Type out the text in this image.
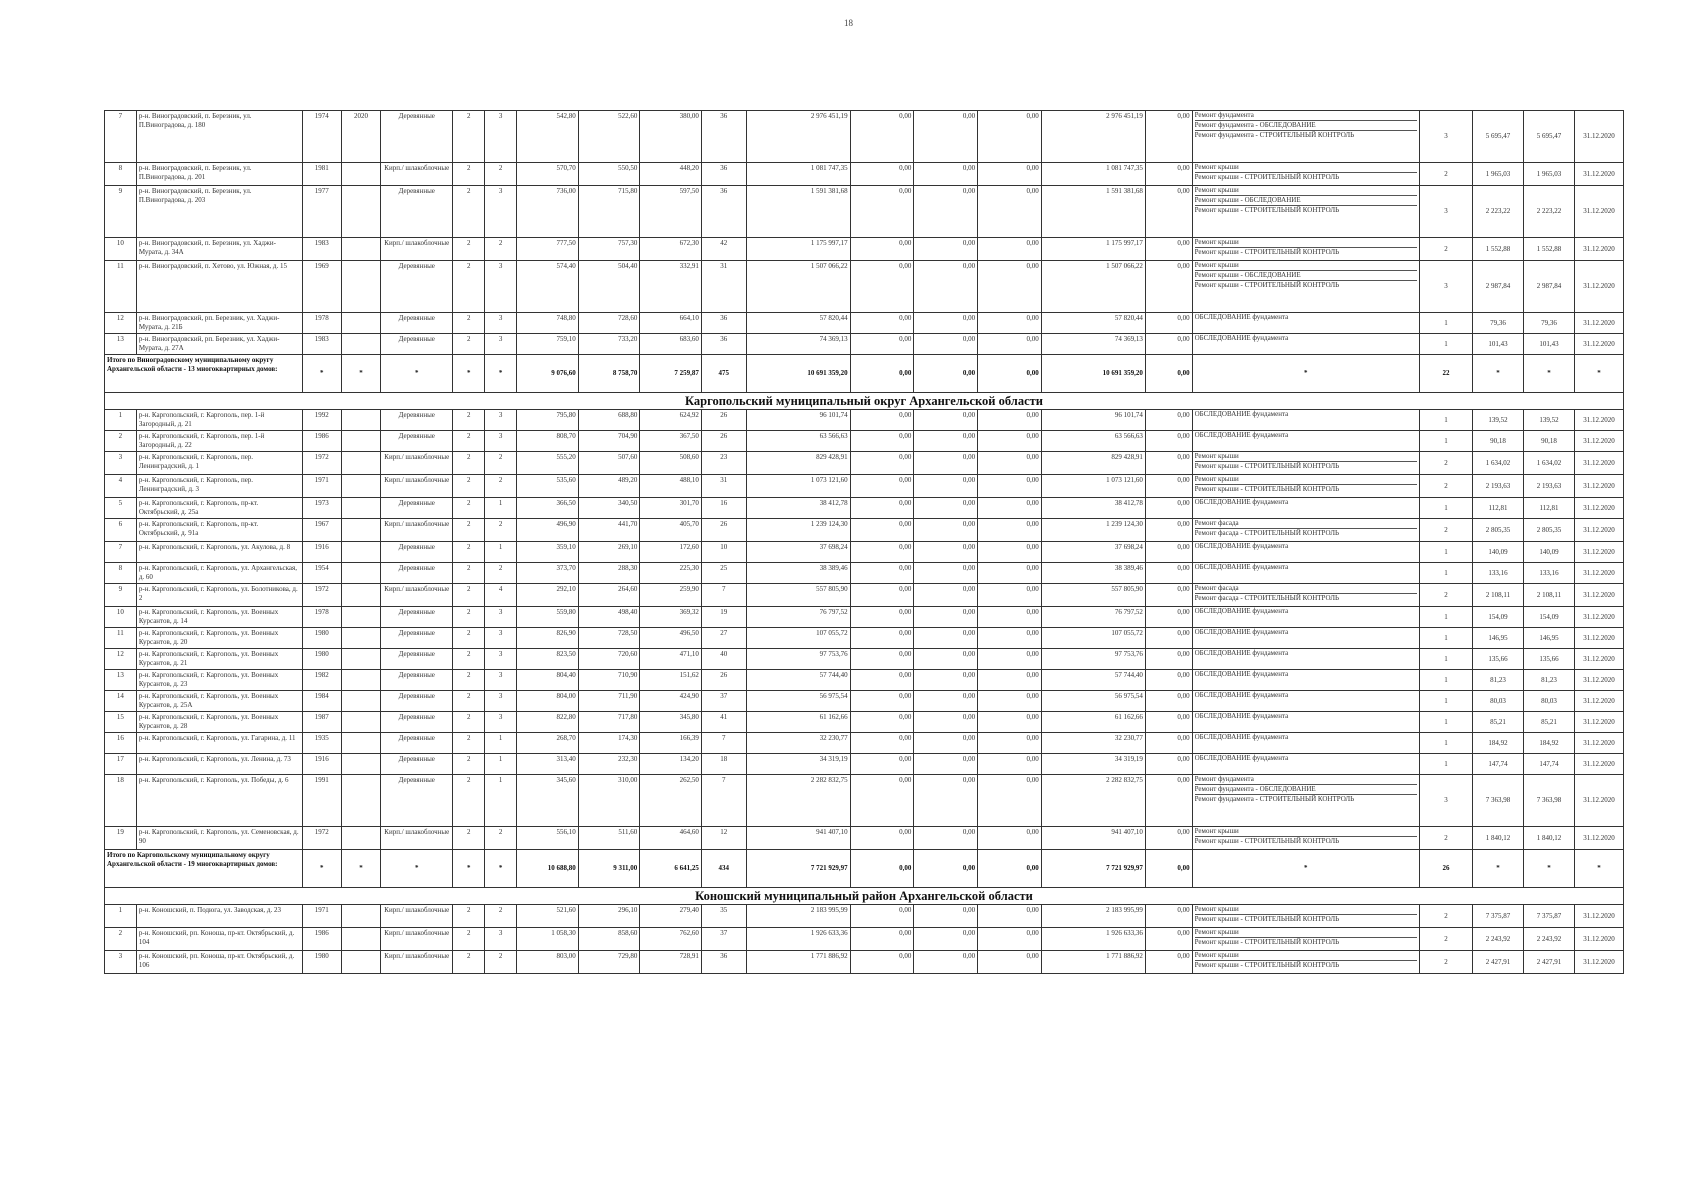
18
7	р-н. Виноградовский, п. Березник, ул. П.Виноградова, д. 180	1974	2020	Деревянные	2	3	542,80	522,60	380,00	36	2 976 451,19	0,00	0,00	0,00	2 976 451,19	0,00	Ремонт фундамента
Ремонт фундамента - ОБСЛЕДОВАНИЕ
Ремонт фундамента - СТРОИТЕЛЬНЫЙ КОНТРОЛЬ	3	5 695,47	5 695,47	31.12.2020
8	р-н. Виноградовский, п. Березник, ул. П.Виноградова, д. 201	1981		Кирп./ шлакоблочные	2	2	570,70	550,50	448,20	36	1 081 747,35	0,00	0,00	0,00	1 081 747,35	0,00	Ремонт крыши
Ремонт крыши - СТРОИТЕЛЬНЫЙ КОНТРОЛЬ	2	1 965,03	1 965,03	31.12.2020
9	р-н. Виноградовский, п. Березник, ул. П.Виноградова, д. 203	1977		Деревянные	2	3	736,00	715,80	597,50	36	1 591 381,68	0,00	0,00	0,00	1 591 381,68	0,00	Ремонт крыши
Ремонт крыши - ОБСЛЕДОВАНИЕ
Ремонт крыши - СТРОИТЕЛЬНЫЙ КОНТРОЛЬ	3	2 223,22	2 223,22	31.12.2020
10	р-н. Виноградовский, п. Березник, ул. Хаджи-Мурата, д. 34А	1983		Кирп./ шлакоблочные	2	2	777,50	757,30	672,30	42	1 175 997,17	0,00	0,00	0,00	1 175 997,17	0,00	Ремонт крыши
Ремонт крыши - СТРОИТЕЛЬНЫЙ КОНТРОЛЬ	2	1 552,88	1 552,88	31.12.2020
11	р-н. Виноградовский, п. Хетово, ул. Южная, д. 15	1969		Деревянные	2	3	574,40	504,40	332,91	31	1 507 066,22	0,00	0,00	0,00	1 507 066,22	0,00	Ремонт крыши
Ремонт крыши - ОБСЛЕДОВАНИЕ
Ремонт крыши - СТРОИТЕЛЬНЫЙ КОНТРОЛЬ	3	2 987,84	2 987,84	31.12.2020
12	р-н. Виноградовский, рп. Березник, ул. Хаджи-Мурата, д. 21Б	1978		Деревянные	2	3	748,80	728,60	664,10	36	57 820,44	0,00	0,00	0,00	57 820,44	0,00	ОБСЛЕДОВАНИЕ фундамента	1	79,36	79,36	31.12.2020
13	р-н. Виноградовский, рп. Березник, ул. Хаджи-Мурата, д. 27А	1983		Деревянные	2	3	759,10	733,20	683,60	36	74 369,13	0,00	0,00	0,00	74 369,13	0,00	ОБСЛЕДОВАНИЕ фундамента	1	101,43	101,43	31.12.2020
Итого по Виноградовскому муниципальному округу Архангельской области - 13 многоквартирных домов:		*	*	*	*	*	9 076,60	8 758,70	7 259,87	475	10 691 359,20	0,00	0,00	0,00	10 691 359,20	0,00	*	22	*	*	*
Каргопольский муниципальный округ Архангельской области																					
1	р-н. Каргопольский, г. Каргополь, пер. 1-й Загородный, д. 21	1992		Деревянные	2	3	795,80	688,80	624,92	26	96 101,74	0,00	0,00	0,00	96 101,74	0,00	ОБСЛЕДОВАНИЕ фундамента	1	139,52	139,52	31.12.2020
2	р-н. Каргопольский, г. Каргополь, пер. 1-й Загородный, д. 22	1986		Деревянные	2	3	808,70	704,90	367,50	26	63 566,63	0,00	0,00	0,00	63 566,63	0,00	ОБСЛЕДОВАНИЕ фундамента	1	90,18	90,18	31.12.2020
3	р-н. Каргопольский, г. Каргополь, пер. Ленинградский, д. 1	1972		Кирп./ шлакоблочные	2	2	555,20	507,60	508,60	23	829 428,91	0,00	0,00	0,00	829 428,91	0,00	Ремонт крыши
Ремонт крыши - СТРОИТЕЛЬНЫЙ КОНТРОЛЬ	2	1 634,02	1 634,02	31.12.2020
4	р-н. Каргопольский, г. Каргополь, пер. Ленинградский, д. 3	1971		Кирп./ шлакоблочные	2	2	535,60	489,20	488,10	31	1 073 121,60	0,00	0,00	0,00	1 073 121,60	0,00	Ремонт крыши
Ремонт крыши - СТРОИТЕЛЬНЫЙ КОНТРОЛЬ	2	2 193,63	2 193,63	31.12.2020
5	р-н. Каргопольский, г. Каргополь, пр-кт. Октябрьский, д. 25а	1973		Деревянные	2	1	366,50	340,50	301,70	16	38 412,78	0,00	0,00	0,00	38 412,78	0,00	ОБСЛЕДОВАНИЕ фундамента	1	112,81	112,81	31.12.2020
6	р-н. Каргопольский, г. Каргополь, пр-кт. Октябрьский, д. 91а	1967		Кирп./ шлакоблочные	2	2	496,90	441,70	405,70	26	1 239 124,30	0,00	0,00	0,00	1 239 124,30	0,00	Ремонт фасада
Ремонт фасада - СТРОИТЕЛЬНЫЙ КОНТРОЛЬ	2	2 805,35	2 805,35	31.12.2020
7	р-н. Каргопольский, г. Каргополь, ул. Акулова, д. 8	1916		Деревянные	2	1	359,10	269,10	172,60	10	37 698,24	0,00	0,00	0,00	37 698,24	0,00	ОБСЛЕДОВАНИЕ фундамента	1	140,09	140,09	31.12.2020
8	р-н. Каргопольский, г. Каргополь, ул. Архангельская, д. 60	1954		Деревянные	2	2	373,70	288,30	225,30	25	38 389,46	0,00	0,00	0,00	38 389,46	0,00	ОБСЛЕДОВАНИЕ фундамента	1	133,16	133,16	31.12.2020
9	р-н. Каргопольский, г. Каргополь, ул. Болотникова, д. 2	1972		Кирп./ шлакоблочные	2	4	292,10	264,60	259,90	7	557 805,90	0,00	0,00	0,00	557 805,90	0,00	Ремонт фасада
Ремонт фасада - СТРОИТЕЛЬНЫЙ КОНТРОЛЬ	2	2 108,11	2 108,11	31.12.2020
10	р-н. Каргопольский, г. Каргополь, ул. Военных Курсантов, д. 14	1978		Деревянные	2	3	559,80	498,40	369,32	19	76 797,52	0,00	0,00	0,00	76 797,52	0,00	ОБСЛЕДОВАНИЕ фундамента	1	154,09	154,09	31.12.2020
11	р-н. Каргопольский, г. Каргополь, ул. Военных Курсантов, д. 20	1980		Деревянные	2	3	826,90	728,50	496,50	27	107 055,72	0,00	0,00	0,00	107 055,72	0,00	ОБСЛЕДОВАНИЕ фундамента	1	146,95	146,95	31.12.2020
12	р-н. Каргопольский, г. Каргополь, ул. Военных Курсантов, д. 21	1980		Деревянные	2	3	823,50	720,60	471,10	40	97 753,76	0,00	0,00	0,00	97 753,76	0,00	ОБСЛЕДОВАНИЕ фундамента	1	135,66	135,66	31.12.2020
13	р-н. Каргопольский, г. Каргополь, ул. Военных Курсантов, д. 23	1982		Деревянные	2	3	804,40	710,90	151,62	26	57 744,40	0,00	0,00	0,00	57 744,40	0,00	ОБСЛЕДОВАНИЕ фундамента	1	81,23	81,23	31.12.2020
14	р-н. Каргопольский, г. Каргополь, ул. Военных Курсантов, д. 25А	1984		Деревянные	2	3	804,00	711,90	424,90	37	56 975,54	0,00	0,00	0,00	56 975,54	0,00	ОБСЛЕДОВАНИЕ фундамента	1	80,03	80,03	31.12.2020
15	р-н. Каргопольский, г. Каргополь, ул. Военных Курсантов, д. 28	1987		Деревянные	2	3	822,80	717,80	345,80	41	61 162,66	0,00	0,00	0,00	61 162,66	0,00	ОБСЛЕДОВАНИЕ фундамента	1	85,21	85,21	31.12.2020
16	р-н. Каргопольский, г. Каргополь, ул. Гагарина, д. 11	1935		Деревянные	2	1	268,70	174,30	166,39	7	32 230,77	0,00	0,00	0,00	32 230,77	0,00	ОБСЛЕДОВАНИЕ фундамента	1	184,92	184,92	31.12.2020
17	р-н. Каргопольский, г. Каргополь, ул. Ленина, д. 73	1916		Деревянные	2	1	313,40	232,30	134,20	18	34 319,19	0,00	0,00	0,00	34 319,19	0,00	ОБСЛЕДОВАНИЕ фундамента	1	147,74	147,74	31.12.2020
18	р-н. Каргопольский, г. Каргополь, ул. Победы, д. 6	1991		Деревянные	2	1	345,60	310,00	262,50	7	2 282 832,75	0,00	0,00	0,00	2 282 832,75	0,00	Ремонт фундамента
Ремонт фундамента - ОБСЛЕДОВАНИЕ
Ремонт фундамента - СТРОИТЕЛЬНЫЙ КОНТРОЛЬ	3	7 363,98	7 363,98	31.12.2020
19	р-н. Каргопольский, г. Каргополь, ул. Семеновская, д. 90	1972		Кирп./ шлакоблочные	2	2	556,10	511,60	464,60	12	941 407,10	0,00	0,00	0,00	941 407,10	0,00	Ремонт крыши
Ремонт крыши - СТРОИТЕЛЬНЫЙ КОНТРОЛЬ	2	1 840,12	1 840,12	31.12.2020
Итого по Каргопольскому муниципальному округу Архангельской области - 19 многоквартирных домов:		*	*	*	*	*	10 688,80	9 311,00	6 641,25	434	7 721 929,97	0,00	0,00	0,00	7 721 929,97	0,00	*	26	*	*	*
Коношский муниципальный район Архангельской области																					
1	р-н. Коношский, п. Подюга, ул. Заводская, д. 23	1971		Кирп./ шлакоблочные	2	2	521,60	296,10	279,40	35	2 183 995,99	0,00	0,00	0,00	2 183 995,99	0,00	Ремонт крыши
Ремонт крыши - СТРОИТЕЛЬНЫЙ КОНТРОЛЬ	2	7 375,87	7 375,87	31.12.2020
2	р-н. Коношский, рп. Коноша, пр-кт. Октябрьский, д. 104	1986		Кирп./ шлакоблочные	2	3	1 058,30	858,60	762,60	37	1 926 633,36	0,00	0,00	0,00	1 926 633,36	0,00	Ремонт крыши
Ремонт крыши - СТРОИТЕЛЬНЫЙ КОНТРОЛЬ	2	2 243,92	2 243,92	31.12.2020
3	р-н. Коношский, рп. Коноша, пр-кт. Октябрьский, д. 106	1980		Кирп./ шлакоблочные	2	2	803,00	729,80	728,91	36	1 771 886,92	0,00	0,00	0,00	1 771 886,92	0,00	Ремонт крыши
Ремонт крыши - СТРОИТЕЛЬНЫЙ КОНТРОЛЬ	2	2 427,91	2 427,91	31.12.2020
